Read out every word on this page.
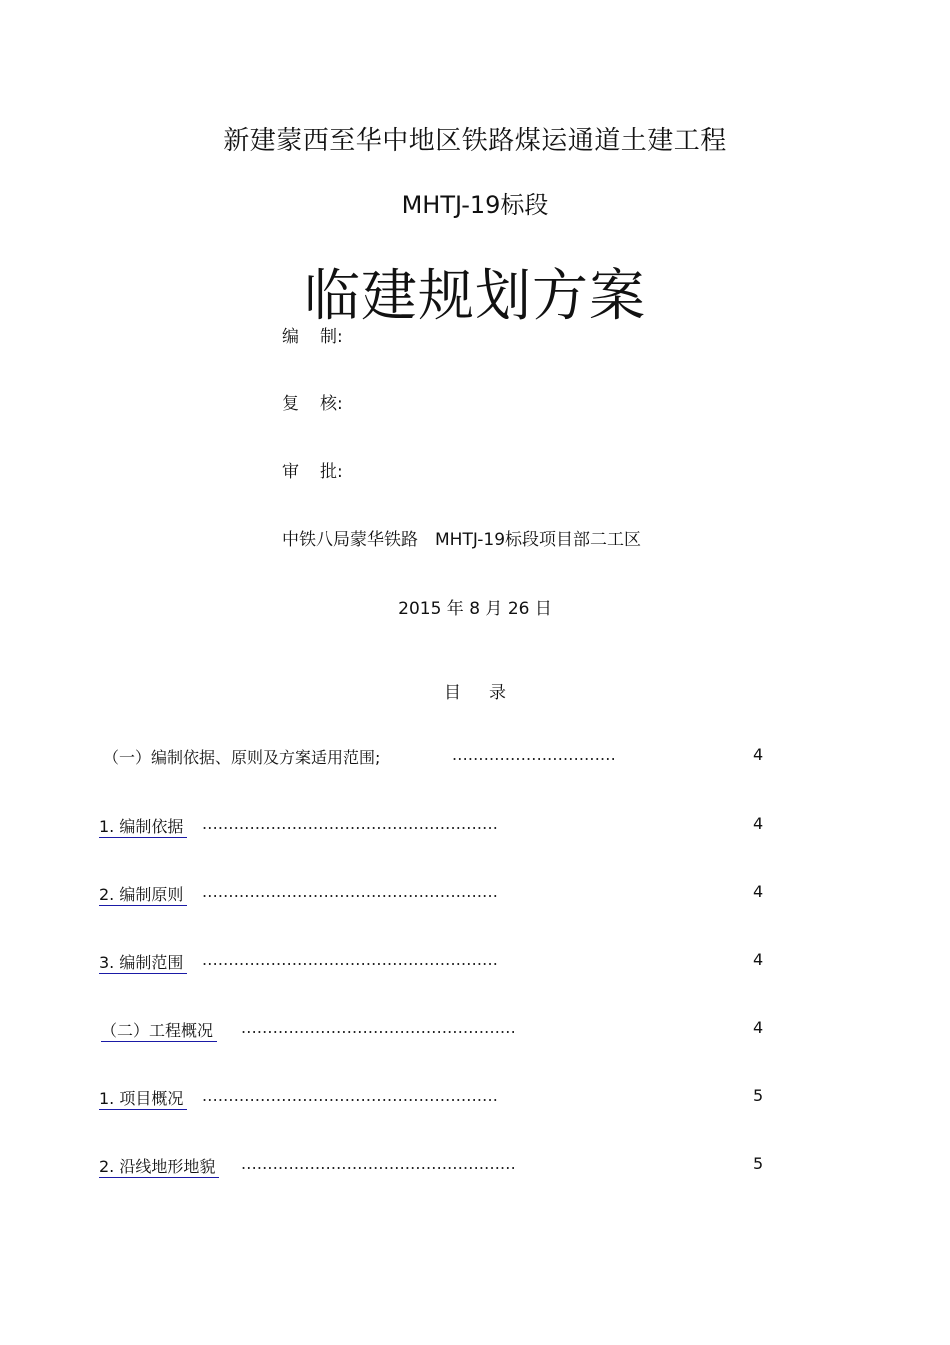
新建蒙西至华中地区铁路煤运通道土建工程
MHTJ-19标段
临建规划方案
编 制:
复 核:
审 批:
中铁八局蒙华铁路　MHTJ-19标段项目部二工区
2015 年 8 月 26 日
目 录
（一）编制依据、原则及方案适用范围;	...............................	4
1. 编制依据 ........................................................	4
2. 编制原则 ........................................................	4
3. 编制范围 ........................................................	4
（二）工程概况 ....................................................	4
1. 项目概况 ........................................................	5
2. 沿线地形地貌 ....................................................	5
